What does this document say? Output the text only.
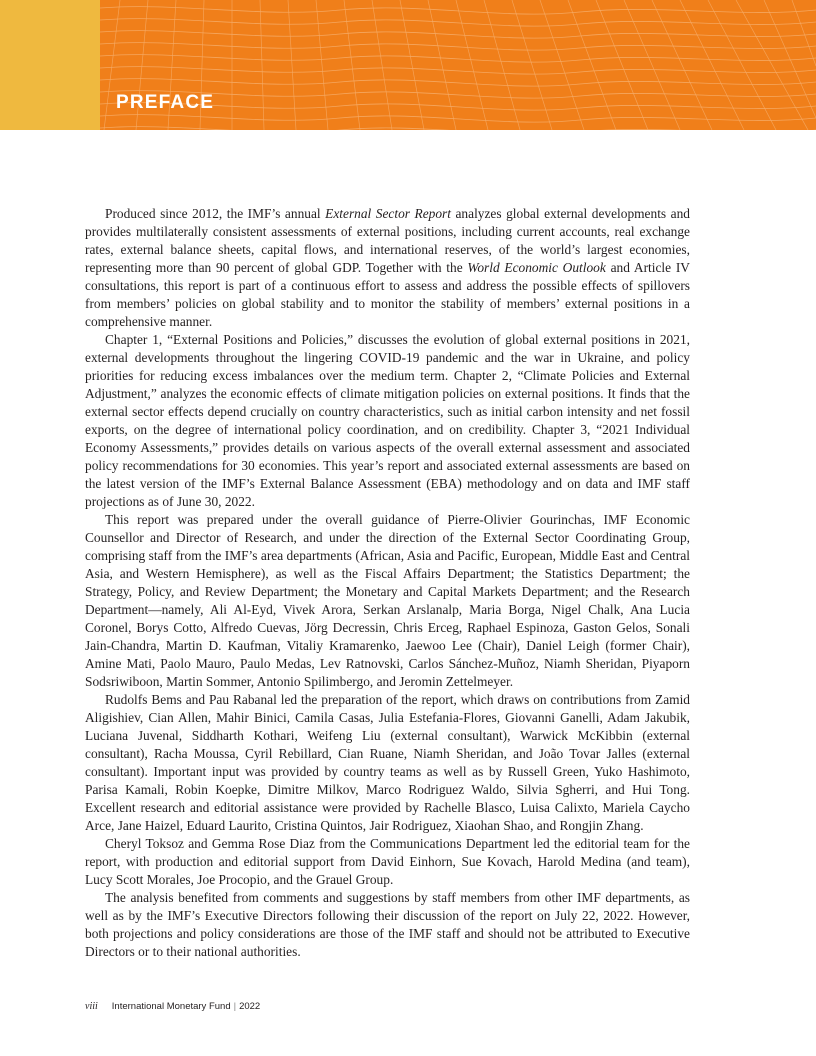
PREFACE

Produced since 2012, the IMF’s annual External Sector Report analyzes global external developments and provides multilaterally consistent assessments of external positions, including current accounts, real exchange rates, external balance sheets, capital flows, and international reserves, of the world’s largest economies, representing more than 90 percent of global GDP. Together with the World Economic Outlook and Article IV consultations, this report is part of a continuous effort to assess and address the possible effects of spillovers from members’ policies on global stability and to monitor the stability of members’ external positions in a comprehensive manner.

Chapter 1, “External Positions and Policies,” discusses the evolution of global external positions in 2021, external developments throughout the lingering COVID-19 pandemic and the war in Ukraine, and policy priorities for reducing excess imbalances over the medium term. Chapter 2, “Climate Policies and External Adjustment,” analyzes the economic effects of climate mitigation policies on external positions. It finds that the external sector effects depend crucially on country characteristics, such as initial carbon intensity and net fossil exports, on the degree of international policy coordination, and on credibility. Chapter 3, “2021 Individual Economy Assessments,” provides details on various aspects of the overall external assessment and associated policy recommendations for 30 economies. This year’s report and associated external assessments are based on the latest version of the IMF’s External Balance Assessment (EBA) methodology and on data and IMF staff projections as of June 30, 2022.

This report was prepared under the overall guidance of Pierre-Olivier Gourinchas, IMF Economic Counsellor and Director of Research, and under the direction of the External Sector Coordinating Group, comprising staff from the IMF’s area departments (African, Asia and Pacific, European, Middle East and Central Asia, and Western Hemisphere), as well as the Fiscal Affairs Department; the Statistics Department; the Strategy, Policy, and Review Department; the Monetary and Capital Markets Department; and the Research Department—namely, Ali Al-Eyd, Vivek Arora, Serkan Arslanalp, Maria Borga, Nigel Chalk, Ana Lucia Coronel, Borys Cotto, Alfredo Cuevas, Jörg Decressin, Chris Erceg, Raphael Espinoza, Gaston Gelos, Sonali Jain-Chandra, Martin D. Kaufman, Vitaliy Kramarenko, Jaewoo Lee (Chair), Daniel Leigh (former Chair), Amine Mati, Paolo Mauro, Paulo Medas, Lev Ratnovski, Carlos Sánchez-Muñoz, Niamh Sheridan, Piyaporn Sodsriwiboon, Martin Sommer, Antonio Spilimbergo, and Jeromin Zettelmeyer.

Rudolfs Bems and Pau Rabanal led the preparation of the report, which draws on contributions from Zamid Aligishiev, Cian Allen, Mahir Binici, Camila Casas, Julia Estefania-Flores, Giovanni Ganelli, Adam Jakubik, Luciana Juvenal, Siddharth Kothari, Weifeng Liu (external consultant), Warwick McKibbin (external consultant), Racha Moussa, Cyril Rebillard, Cian Ruane, Niamh Sheridan, and João Tovar Jalles (external consultant). Important input was provided by country teams as well as by Russell Green, Yuko Hashimoto, Parisa Kamali, Robin Koepke, Dimitre Milkov, Marco Rodriguez Waldo, Silvia Sgherri, and Hui Tong. Excellent research and editorial assistance were provided by Rachelle Blasco, Luisa Calixto, Mariela Caycho Arce, Jane Haizel, Eduard Laurito, Cristina Quintos, Jair Rodriguez, Xiaohan Shao, and Rongjin Zhang.

Cheryl Toksoz and Gemma Rose Diaz from the Communications Department led the editorial team for the report, with production and editorial support from David Einhorn, Sue Kovach, Harold Medina (and team), Lucy Scott Morales, Joe Procopio, and the Grauel Group.

The analysis benefited from comments and suggestions by staff members from other IMF departments, as well as by the IMF’s Executive Directors following their discussion of the report on July 22, 2022. However, both projections and policy considerations are those of the IMF staff and should not be attributed to Executive Directors or to their national authorities.

viii International Monetary Fund | 2022
